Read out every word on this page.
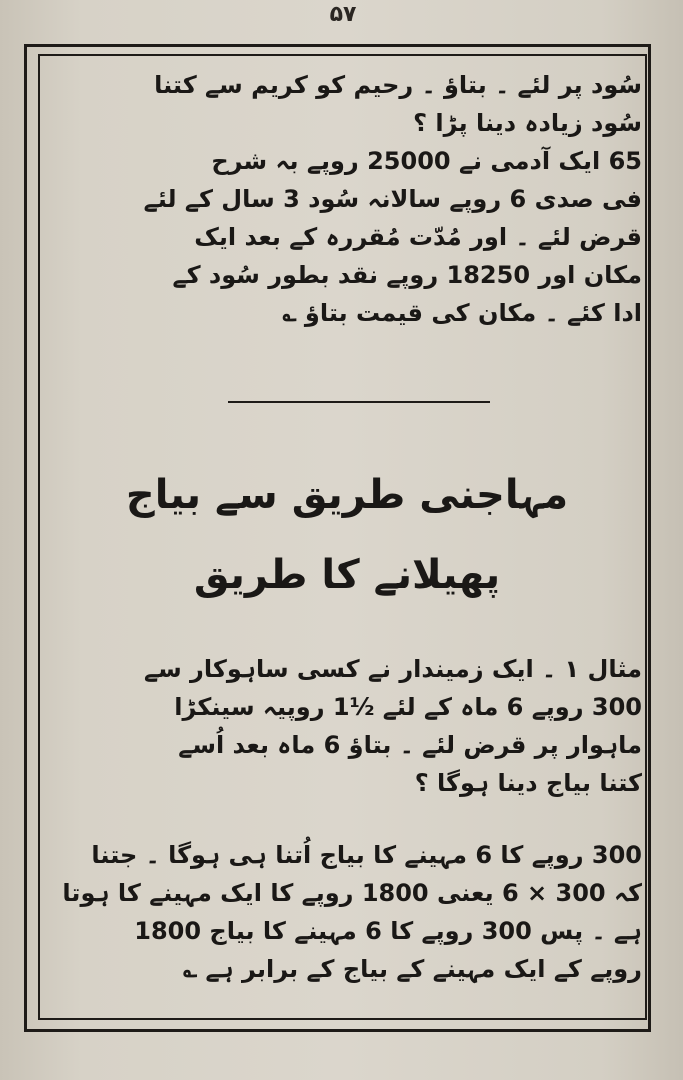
۵۷
سُود پر لئے ۔ بتاؤ ۔ رحیم کو کریم سے کتنا
سُود زیادہ دینا پڑا ؟
65 ایک آدمی نے 25000 روپے بہ شرح
فی صدی 6 روپے سالانہ سُود 3 سال کے لئے
قرض لئے ۔ اور مُدّت مُقررہ کے بعد ایک
مکان اور 18250 روپے نقد بطور سُود کے
ادا کئے ۔ مکان کی قیمت بتاؤ ؎
مہاجنی طریق سے بیاج
پھیلانے کا طریق
مثال ۱ ۔ ایک زمیندار نے کسی ساہوکار سے
300 روپے 6 ماہ کے لئے ½1 روپیہ سینکڑا
ماہوار پر قرض لئے ۔ بتاؤ 6 ماہ بعد اُسے
کتنا بیاج دینا ہوگا ؟
300 روپے کا 6 مہینے کا بیاج اُتنا ہی ہوگا ۔ جتنا
کہ 300 × 6 یعنی 1800 روپے کا ایک مہینے کا ہوتا
ہے ۔ پس 300 روپے کا 6 مہینے کا بیاج 1800
روپے کے ایک مہینے کے بیاج کے برابر ہے ؎
